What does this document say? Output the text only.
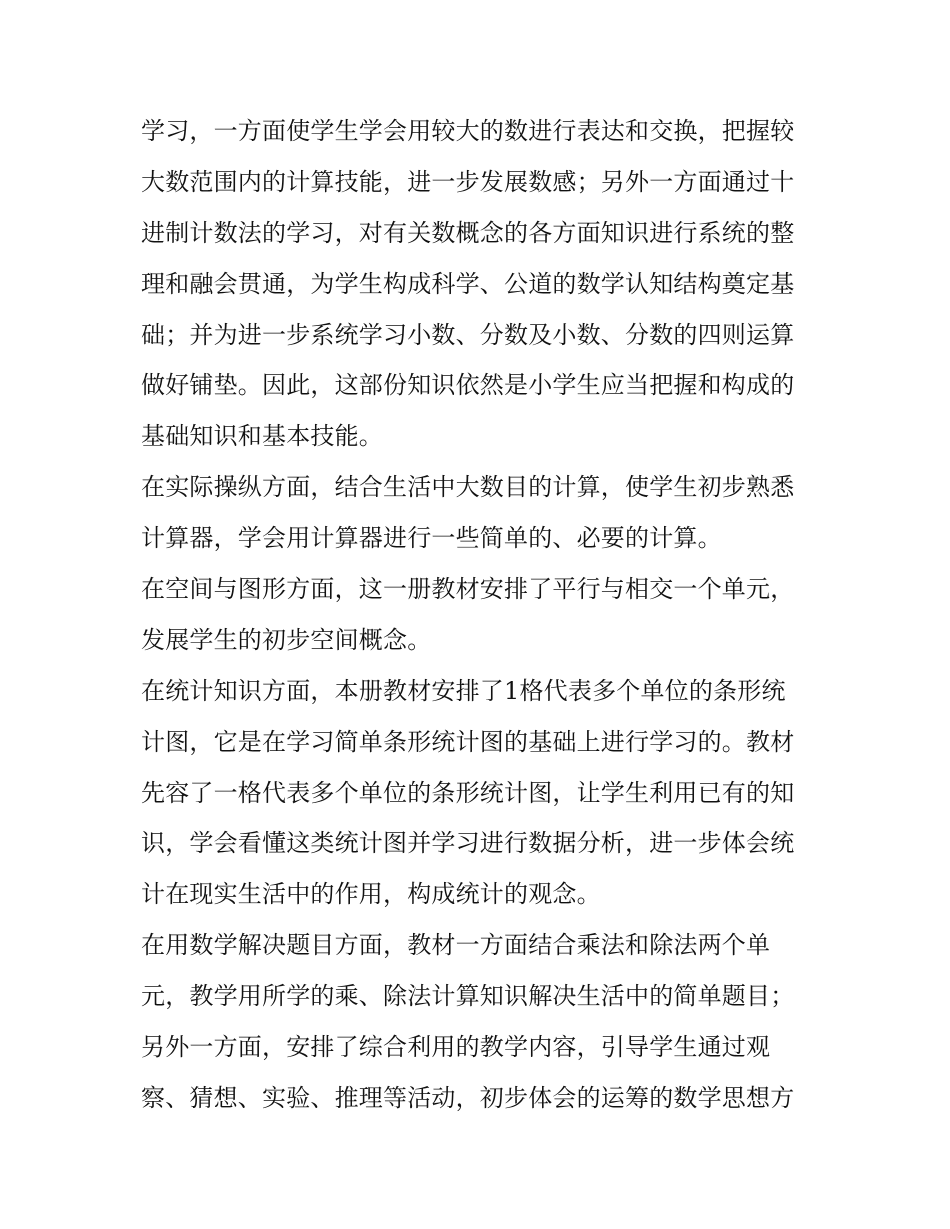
学习，一方面使学生学会用较大的数进行表达和交换，把握较
大数范围内的计算技能，进一步发展数感；另外一方面通过十
进制计数法的学习，对有关数概念的各方面知识进行系统的整
理和融会贯通，为学生构成科学、公道的数学认知结构奠定基
础；并为进一步系统学习小数、分数及小数、分数的四则运算
做好铺垫。因此，这部份知识依然是小学生应当把握和构成的
基础知识和基本技能。
在实际操纵方面，结合生活中大数目的计算，使学生初步熟悉
计算器，学会用计算器进行一些简单的、必要的计算。
在空间与图形方面，这一册教材安排了平行与相交一个单元，
发展学生的初步空间概念。
在统计知识方面，本册教材安排了1格代表多个单位的条形统
计图，它是在学习简单条形统计图的基础上进行学习的。教材
先容了一格代表多个单位的条形统计图，让学生利用已有的知
识，学会看懂这类统计图并学习进行数据分析，进一步体会统
计在现实生活中的作用，构成统计的观念。
在用数学解决题目方面，教材一方面结合乘法和除法两个单
元，教学用所学的乘、除法计算知识解决生活中的简单题目；
另外一方面，安排了综合利用的教学内容，引导学生通过观
察、猜想、实验、推理等活动，初步体会的运筹的数学思想方
